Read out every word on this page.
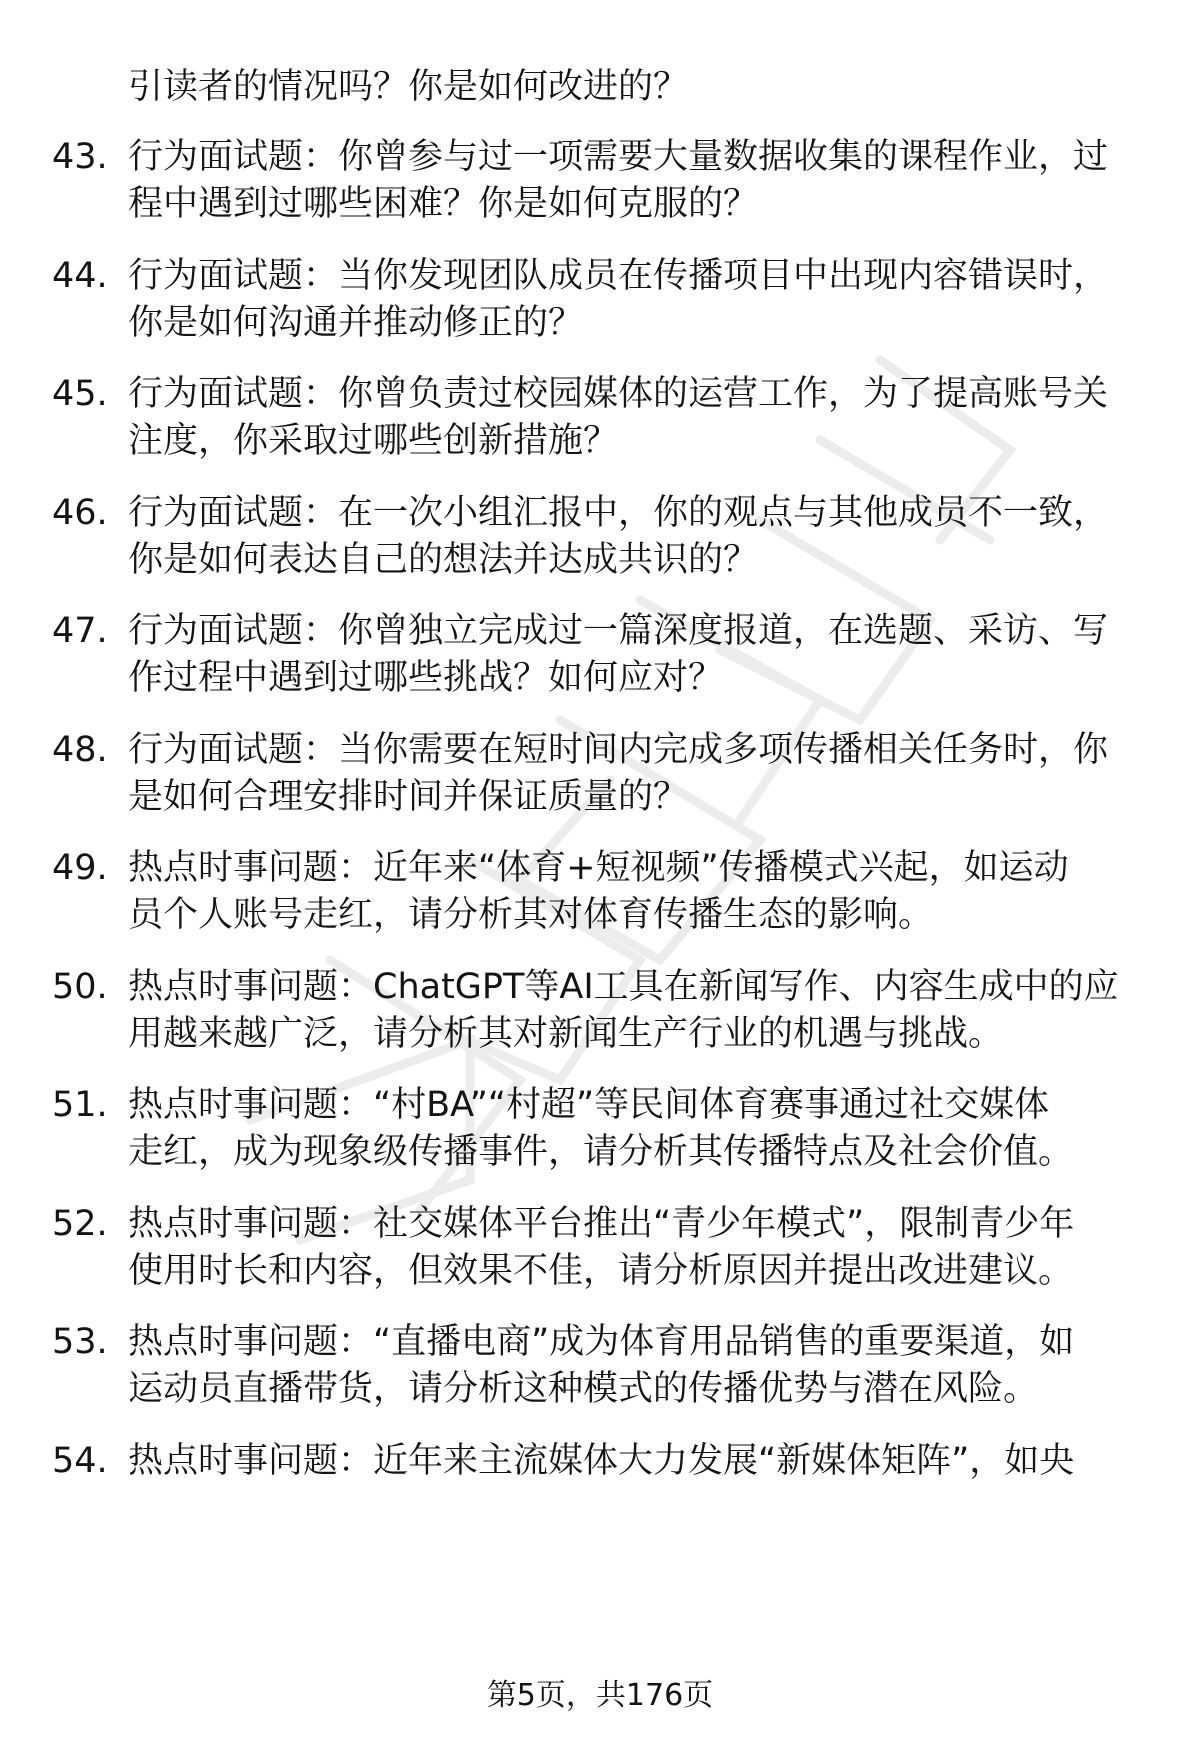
引读者的情况吗？你是如何改进的？
43. 行为面试题：你曾参与过一项需要大量数据收集的课程作业，过
程中遇到过哪些困难？你是如何克服的？
44. 行为面试题：当你发现团队成员在传播项目中出现内容错误时，
你是如何沟通并推动修正的？
45. 行为面试题：你曾负责过校园媒体的运营工作，为了提高账号关
注度，你采取过哪些创新措施？
46. 行为面试题：在一次小组汇报中，你的观点与其他成员不一致，
你是如何表达自己的想法并达成共识的？
47. 行为面试题：你曾独立完成过一篇深度报道，在选题、采访、写
作过程中遇到过哪些挑战？如何应对？
48. 行为面试题：当你需要在短时间内完成多项传播相关任务时，你
是如何合理安排时间并保证质量的？
49. 热点时事问题：近年来“体育+短视频”传播模式兴起，如运动
员个人账号走红，请分析其对体育传播生态的影响。
50. 热点时事问题：ChatGPT等AI工具在新闻写作、内容生成中的应
用越来越广泛，请分析其对新闻生产行业的机遇与挑战。
51. 热点时事问题：“村BA”“村超”等民间体育赛事通过社交媒体
走红，成为现象级传播事件，请分析其传播特点及社会价值。
52. 热点时事问题：社交媒体平台推出“青少年模式”，限制青少年
使用时长和内容，但效果不佳，请分析原因并提出改进建议。
53. 热点时事问题：“直播电商”成为体育用品销售的重要渠道，如
运动员直播带货，请分析这种模式的传播优势与潜在风险。
54. 热点时事问题：近年来主流媒体大力发展“新媒体矩阵”，如央
第5页，共176页
